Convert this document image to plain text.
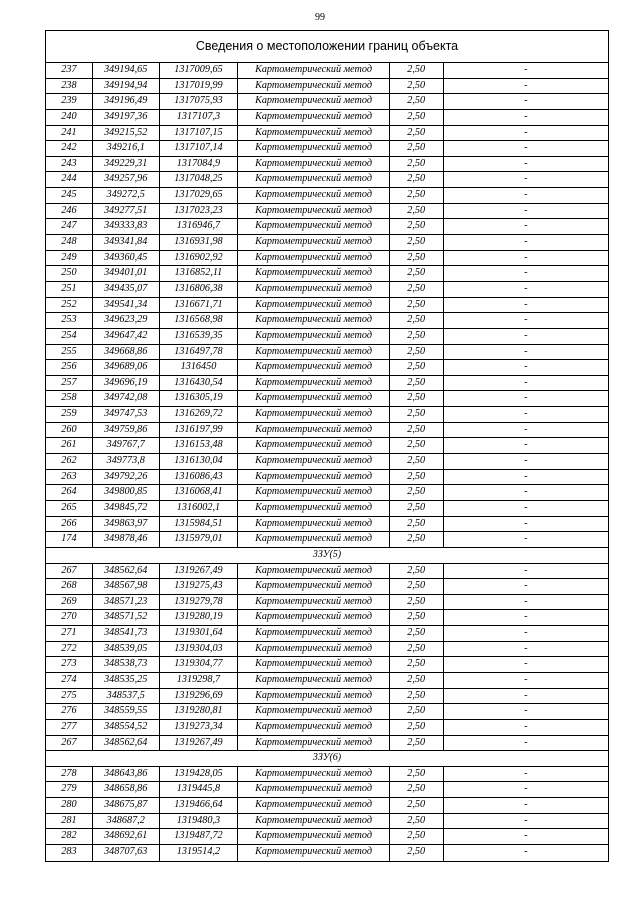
99
Сведения о местоположении границ объекта
237	349194,65	1317009,65	Картометрический метод	2,50	-
238	349194,94	1317019,99	Картометрический метод	2,50	-
239	349196,49	1317075,93	Картометрический метод	2,50	-
240	349197,36	1317107,3	Картометрический метод	2,50	-
241	349215,52	1317107,15	Картометрический метод	2,50	-
242	349216,1	1317107,14	Картометрический метод	2,50	-
243	349229,31	1317084,9	Картометрический метод	2,50	-
244	349257,96	1317048,25	Картометрический метод	2,50	-
245	349272,5	1317029,65	Картометрический метод	2,50	-
246	349277,51	1317023,23	Картометрический метод	2,50	-
247	349333,83	1316946,7	Картометрический метод	2,50	-
248	349341,84	1316931,98	Картометрический метод	2,50	-
249	349360,45	1316902,92	Картометрический метод	2,50	-
250	349401,01	1316852,11	Картометрический метод	2,50	-
251	349435,07	1316806,38	Картометрический метод	2,50	-
252	349541,34	1316671,71	Картометрический метод	2,50	-
253	349623,29	1316568,98	Картометрический метод	2,50	-
254	349647,42	1316539,35	Картометрический метод	2,50	-
255	349668,86	1316497,78	Картометрический метод	2,50	-
256	349689,06	1316450	Картометрический метод	2,50	-
257	349696,19	1316430,54	Картометрический метод	2,50	-
258	349742,08	1316305,19	Картометрический метод	2,50	-
259	349747,53	1316269,72	Картометрический метод	2,50	-
260	349759,86	1316197,99	Картометрический метод	2,50	-
261	349767,7	1316153,48	Картометрический метод	2,50	-
262	349773,8	1316130,04	Картометрический метод	2,50	-
263	349792,26	1316086,43	Картометрический метод	2,50	-
264	349800,85	1316068,41	Картометрический метод	2,50	-
265	349845,72	1316002,1	Картометрический метод	2,50	-
266	349863,97	1315984,51	Картометрический метод	2,50	-
174	349878,46	1315979,01	Картометрический метод	2,50	-
3ЗУ(5)
267	348562,64	1319267,49	Картометрический метод	2,50	-
268	348567,98	1319275,43	Картометрический метод	2,50	-
269	348571,23	1319279,78	Картометрический метод	2,50	-
270	348571,52	1319280,19	Картометрический метод	2,50	-
271	348541,73	1319301,64	Картометрический метод	2,50	-
272	348539,05	1319304,03	Картометрический метод	2,50	-
273	348538,73	1319304,77	Картометрический метод	2,50	-
274	348535,25	1319298,7	Картометрический метод	2,50	-
275	348537,5	1319296,69	Картометрический метод	2,50	-
276	348559,55	1319280,81	Картометрический метод	2,50	-
277	348554,52	1319273,34	Картометрический метод	2,50	-
267	348562,64	1319267,49	Картометрический метод	2,50	-
3ЗУ(6)
278	348643,86	1319428,05	Картометрический метод	2,50	-
279	348658,86	1319445,8	Картометрический метод	2,50	-
280	348675,87	1319466,64	Картометрический метод	2,50	-
281	348687,2	1319480,3	Картометрический метод	2,50	-
282	348692,61	1319487,72	Картометрический метод	2,50	-
283	348707,63	1319514,2	Картометрический метод	2,50	-
